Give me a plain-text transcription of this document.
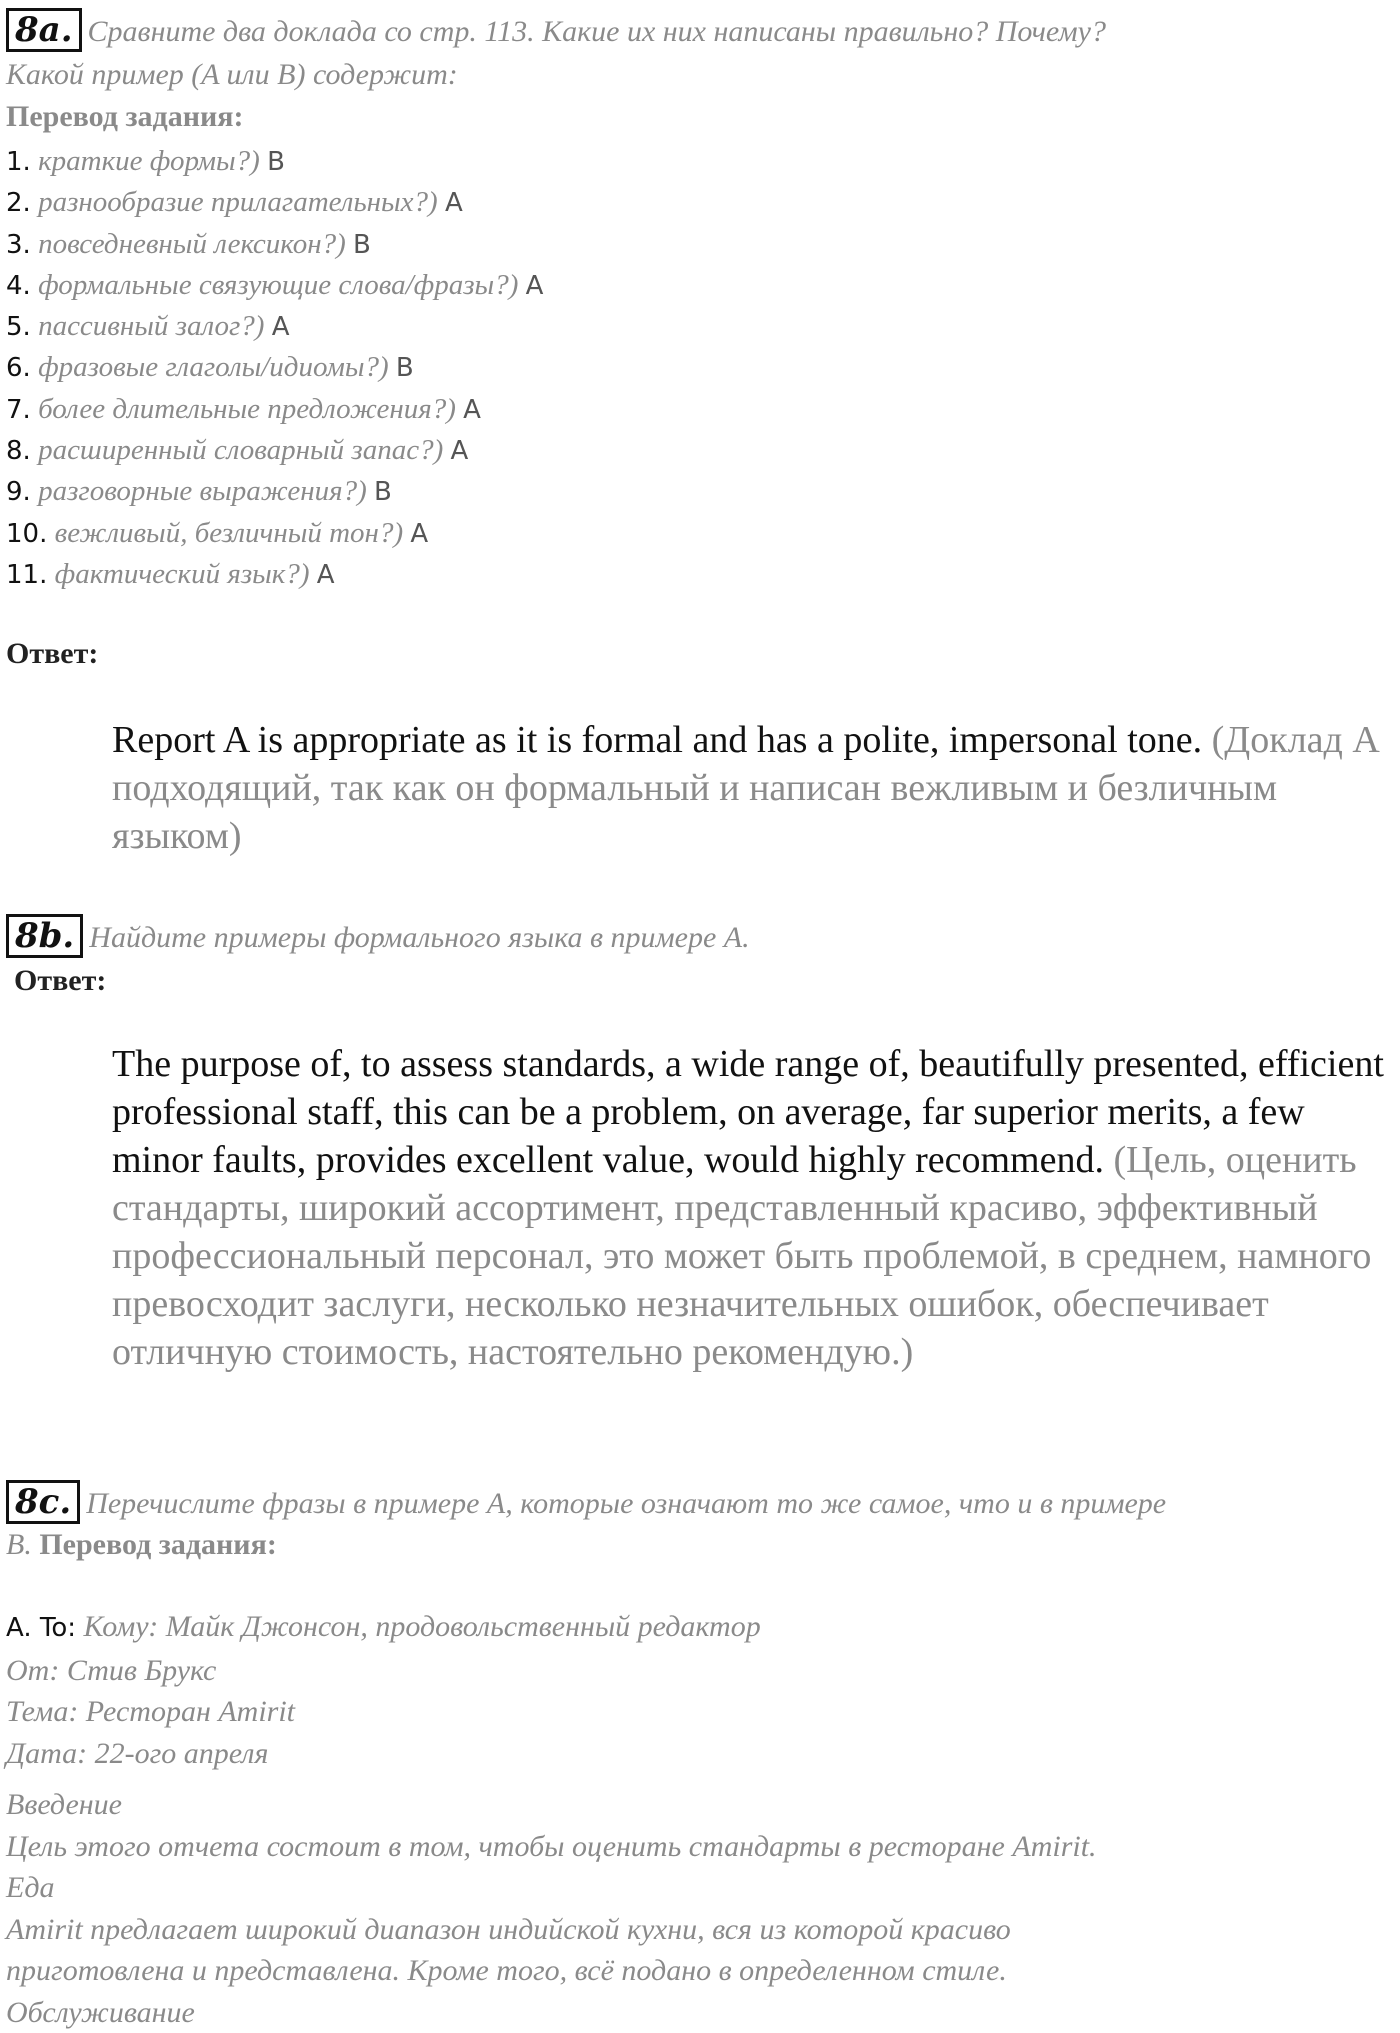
8a. Сравните два доклада со стр. 113. Какие их них написаны правильно? Почему?
Какой пример (A или B) содержит:
Перевод задания:
1. краткие формы?) B
2. разнообразие прилагательных?) A
3. повседневный лексикон?) B
4. формальные связующие слова/фразы?) A
5. пассивный залог?) A
6. фразовые глаголы/идиомы?) B
7. более длительные предложения?) A
8. расширенный словарный запас?) A
9. разговорные выражения?) B
10. вежливый, безличный тон?) A
11. фактический язык?) A
Ответ:
Report A is appropriate as it is formal and has a polite, impersonal tone. (Доклад A подходящий, так как он формальный и написан вежливым и безличным языком)
8b. Найдите примеры формального языка в примере A.
Ответ:
The purpose of, to assess standards, a wide range of, beautifully presented, efficient professional staff, this can be a problem, on average, far superior merits, a few minor faults, provides excellent value, would highly recommend. (Цель, оценить стандарты, широкий ассортимент, представленный красиво, эффективный профессиональный персонал, это может быть проблемой, в среднем, намного превосходит заслуги, несколько незначительных ошибок, обеспечивает отличную стоимость, настоятельно рекомендую.)
8c. Перечислите фразы в примере A, которые означают то же самое, что и в примере
B. Перевод задания:
A. To: Кому: Майк Джонсон, продовольственный редактор
От: Стив Брукс
Тема: Ресторан Amirit
Дата: 22-ого апреля
Введение
Цель этого отчета состоит в том, чтобы оценить стандарты в ресторане Amirit.
Еда
Amirit предлагает широкий диапазон индийской кухни, вся из которой красиво
приготовлена и представлена. Кроме того, всё подано в определенном стиле.
Обслуживание
